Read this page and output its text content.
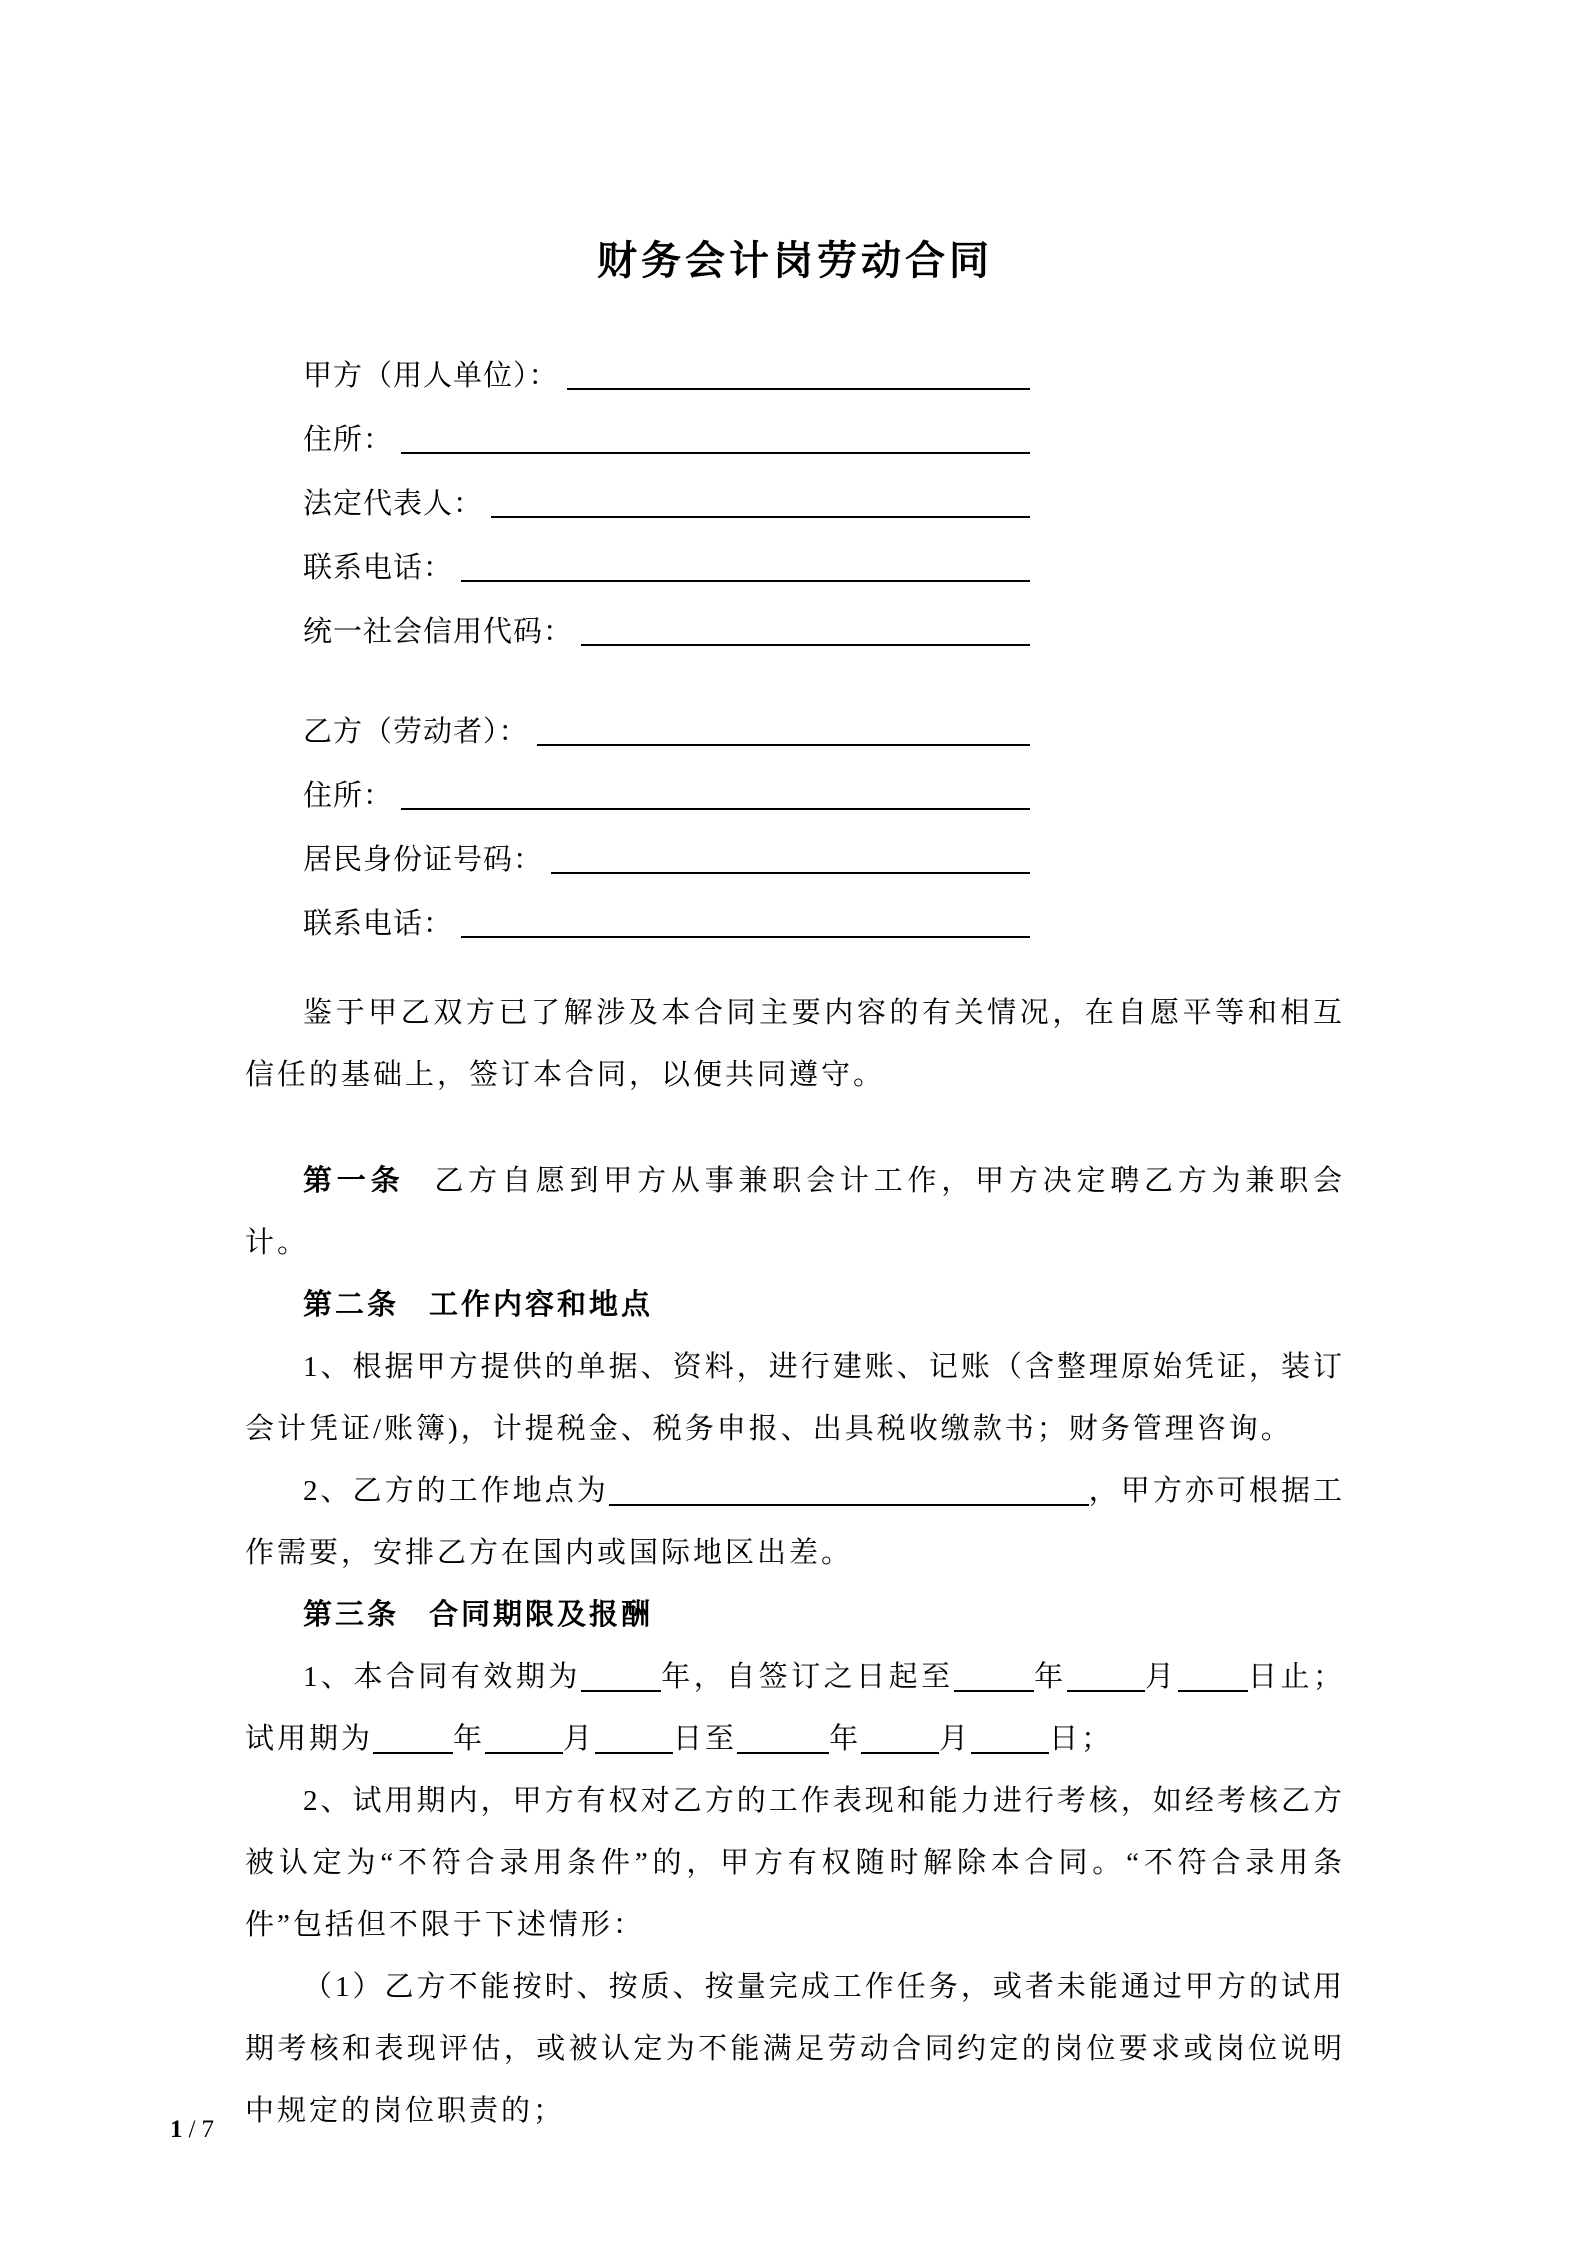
财务会计岗劳动合同
甲方（用人单位）：
住所：
法定代表人：
联系电话：
统一社会信用代码：
乙方（劳动者）：
住所：
居民身份证号码：
联系电话：

鉴于甲乙双方已了解涉及本合同主要内容的有关情况，在自愿平等和相互信任的基础上，签订本合同，以便共同遵守。

第一条 乙方自愿到甲方从事兼职会计工作，甲方决定聘乙方为兼职会计。

第二条 工作内容和地点

1、根据甲方提供的单据、资料，进行建账、记账（含整理原始凭证，装订会计凭证/账簿)，计提税金、税务申报、出具税收缴款书；财务管理咨询。

2、乙方的工作地点为	，甲方亦可根据工作需要，安排乙方在国内或国际地区出差。

第三条 合同期限及报酬

1、本合同有效期为	年，自签订之日起至	年	月 日止；试用期为	年	月	日至	年	月	日；

2、试用期内，甲方有权对乙方的工作表现和能力进行考核，如经考核乙方被认定为“不符合录用条件”的，甲方有权随时解除本合同。“不符合录用条件”包括但不限于下述情形：

（1）乙方不能按时、按质、按量完成工作任务，或者未能通过甲方的试用期考核和表现评估，或被认定为不能满足劳动合同约定的岗位要求或岗位说明中规定的岗位职责的；

1 / 7
